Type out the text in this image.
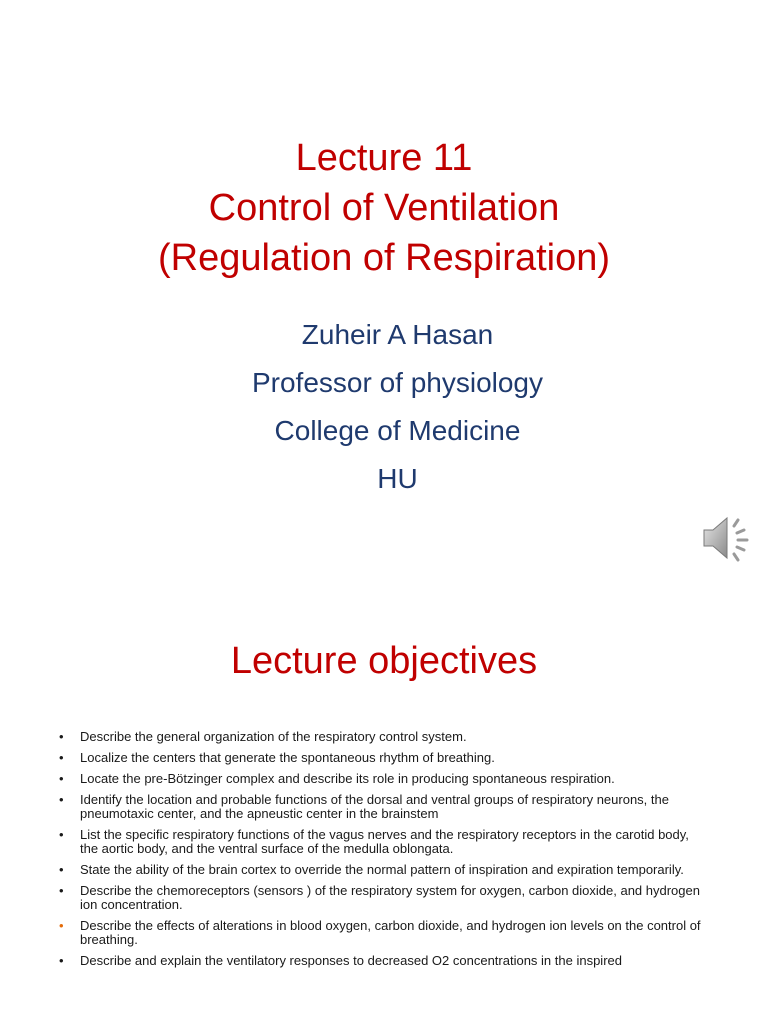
Lecture 11
Control of Ventilation
(Regulation of Respiration)
Zuheir A Hasan
Professor of physiology
College of Medicine
HU
Lecture objectives
• Describe the general organization of the respiratory control system.
• Localize the centers that generate the spontaneous rhythm of breathing.
• Locate the pre-Bötzinger complex and describe its role in producing spontaneous respiration.
• Identify the location and probable functions of the dorsal and ventral groups of respiratory neurons, the pneumotaxic center, and the apneustic center in the brainstem
• List the specific respiratory functions of the vagus nerves and the respiratory receptors in the carotid body, the aortic body, and the ventral surface of the medulla oblongata.
• State the ability of the brain cortex to override the normal pattern of inspiration and expiration temporarily.
• Describe the chemoreceptors (sensors ) of the respiratory system for oxygen, carbon dioxide, and hydrogen ion concentration.
• Describe the effects of alterations in blood oxygen, carbon dioxide, and hydrogen ion levels on the control of breathing.
• Describe and explain the ventilatory responses to decreased O2 concentrations in the inspired
